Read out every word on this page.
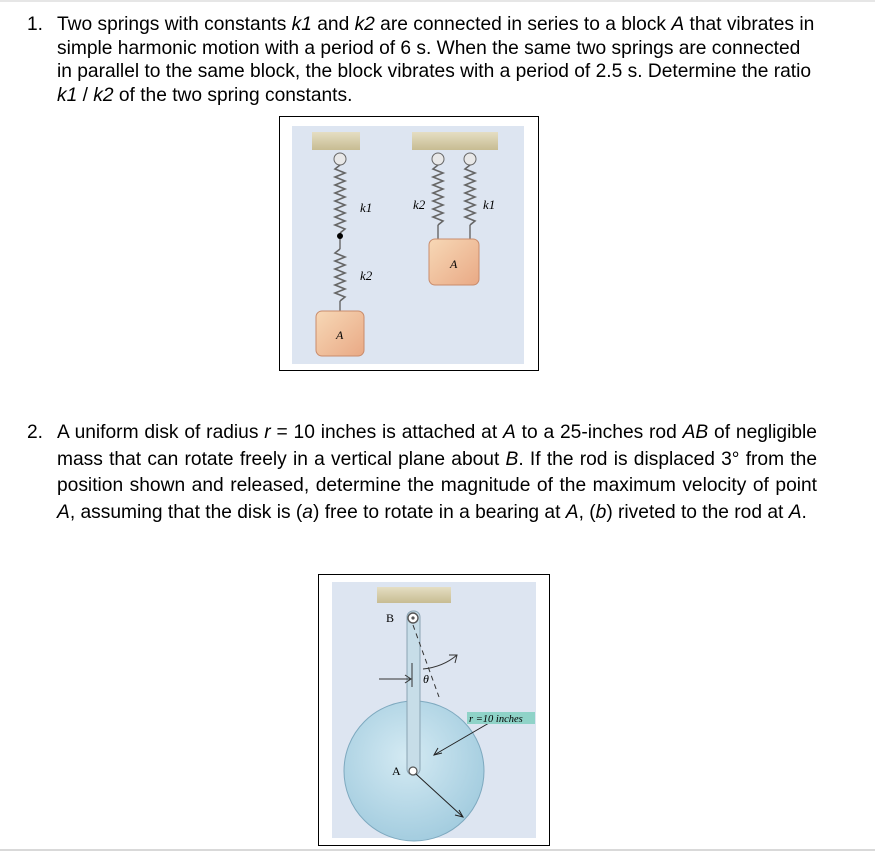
1. Two springs with constants k1 and k2 are connected in series to a block A that vibrates in simple harmonic motion with a period of 6 s. When the same two springs are connected in parallel to the same block, the block vibrates with a period of 2.5 s. Determine the ratio k1 / k2 of the two spring constants.
k1
k2
A
k2	k1
A
2. A uniform disk of radius r = 10 inches is attached at A to a 25-inches rod AB of negligible mass that can rotate freely in a vertical plane about B. If the rod is displaced 3° from the position shown and released, determine the magnitude of the maximum velocity of point A, assuming that the disk is (a) free to rotate in a bearing at A, (b) riveted to the rod at A.
θ
r =10 inches
B
A
